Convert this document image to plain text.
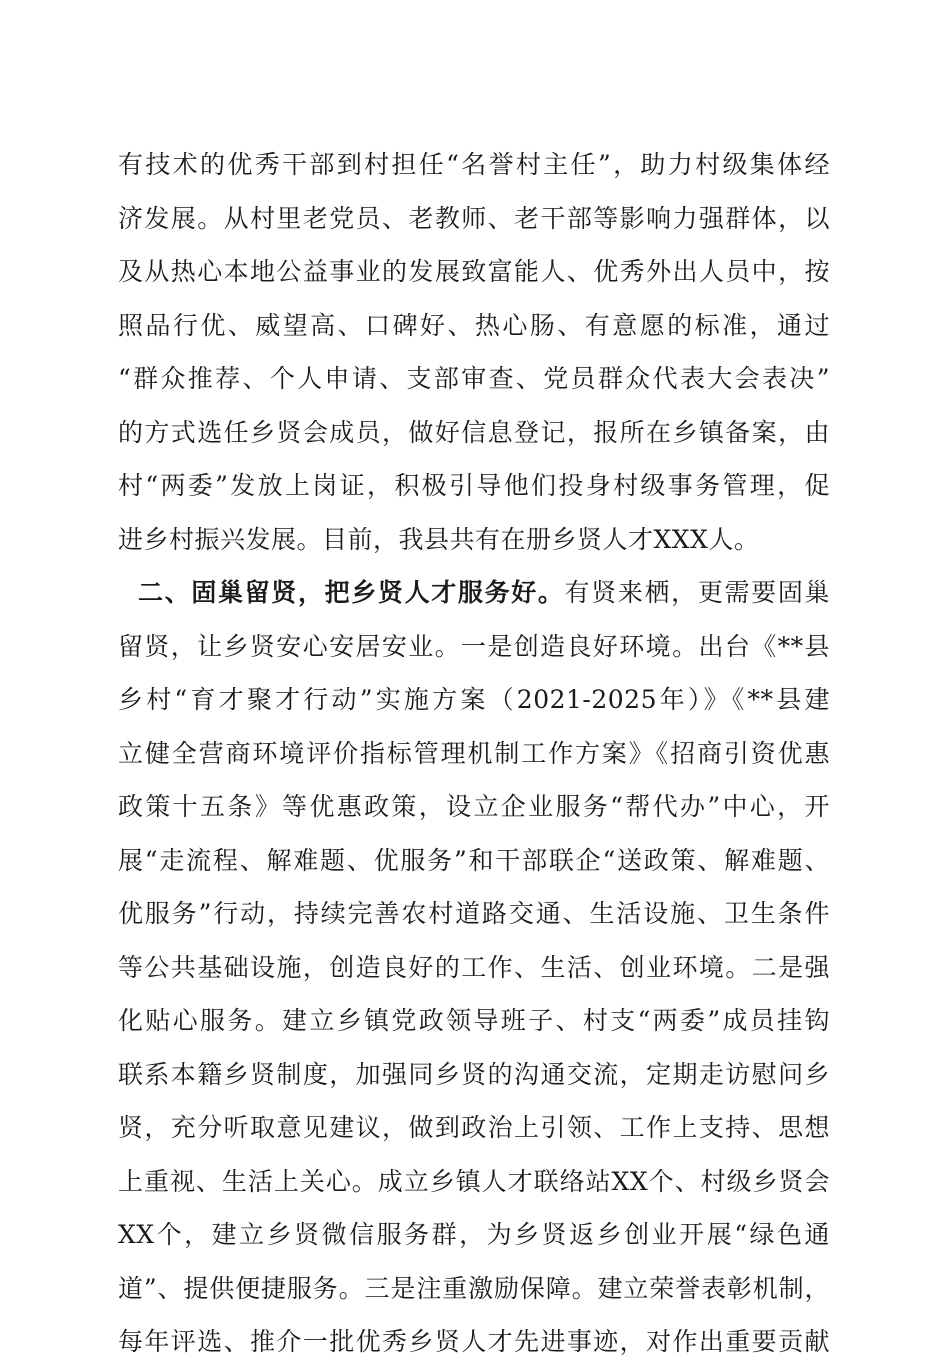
有技术的优秀干部到村担任“名誉村主任”，助力村级集体经
济发展。从村里老党员、老教师、老干部等影响力强群体，以
及从热心本地公益事业的发展致富能人、优秀外出人员中，按
照品行优、威望高、口碑好、热心肠、有意愿的标准，通过
“群众推荐、个人申请、支部审查、党员群众代表大会表决”
的方式选任乡贤会成员，做好信息登记，报所在乡镇备案，由
村“两委”发放上岗证，积极引导他们投身村级事务管理，促
进乡村振兴发展。目前，我县共有在册乡贤人才XXX人。
二、固巢留贤，把乡贤人才服务好。有贤来栖，更需要固巢
留贤，让乡贤安心安居安业。一是创造良好环境。出台《**县
乡村“育才聚才行动”实施方案（2021-2025年）》《**县建
立健全营商环境评价指标管理机制工作方案》《招商引资优惠
政策十五条》等优惠政策，设立企业服务“帮代办”中心，开
展“走流程、解难题、优服务”和干部联企“送政策、解难题、
优服务”行动，持续完善农村道路交通、生活设施、卫生条件
等公共基础设施，创造良好的工作、生活、创业环境。二是强
化贴心服务。建立乡镇党政领导班子、村支“两委”成员挂钩
联系本籍乡贤制度，加强同乡贤的沟通交流，定期走访慰问乡
贤，充分听取意见建议，做到政治上引领、工作上支持、思想
上重视、生活上关心。成立乡镇人才联络站XX个、村级乡贤会
XX个，建立乡贤微信服务群，为乡贤返乡创业开展“绿色通
道”、提供便捷服务。三是注重激励保障。建立荣誉表彰机制，
每年评选、推介一批优秀乡贤人才先进事迹，对作出重要贡献
